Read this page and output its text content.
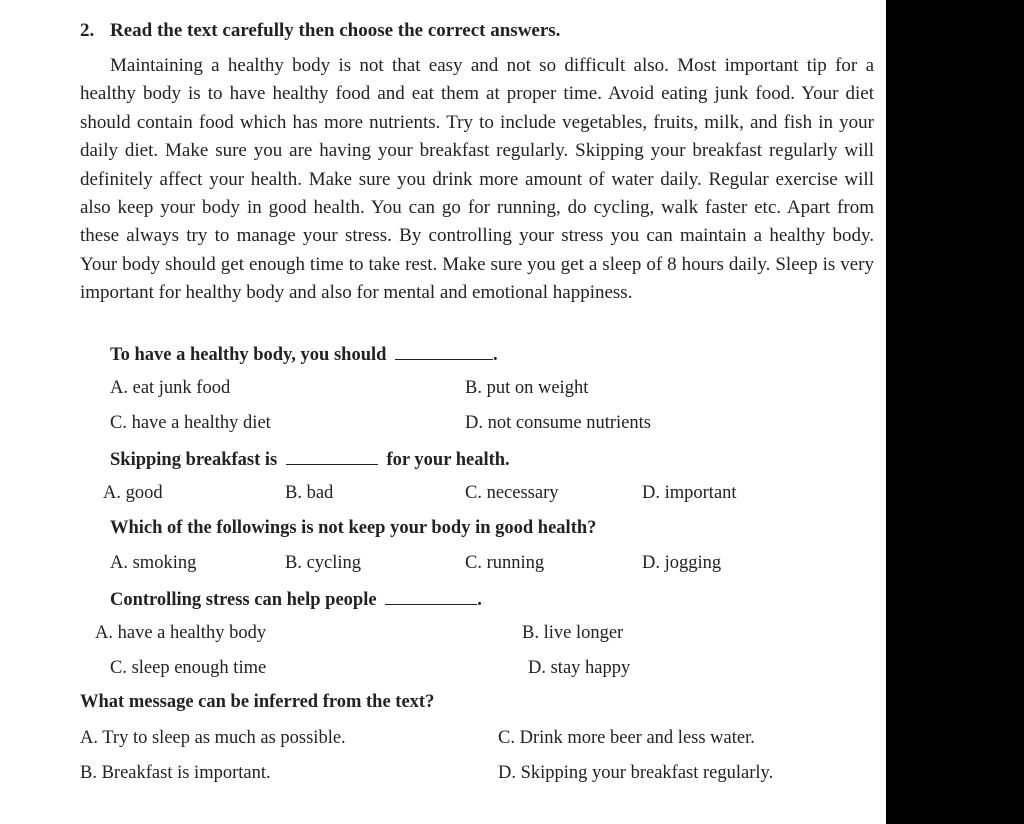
2. Read the text carefully then choose the correct answers.

Maintaining a healthy body is not that easy and not so difficult also. Most important tip for a healthy body is to have healthy food and eat them at proper time. Avoid eating junk food. Your diet should contain food which has more nutrients. Try to include vegetables, fruits, milk, and fish in your daily diet. Make sure you are having your breakfast regularly. Skipping your breakfast regularly will definitely affect your health. Make sure you drink more amount of water daily. Regular exercise will also keep your body in good health. You can go for running, do cycling, walk faster etc. Apart from these always try to manage your stress. By controlling your stress you can maintain a healthy body. Your body should get enough time to take rest. Make sure you get a sleep of 8 hours daily. Sleep is very important for healthy body and also for mental and emotional happiness.

To have a healthy body, you should	.
A. eat junk food	B. put on weight
C. have a healthy diet	D. not consume nutrients
Skipping breakfast is	for your health.
A. good	B. bad	C. necessary	D. important
Which of the followings is not keep your body in good health?
A. smoking	B. cycling	C. running	D. jogging
Controlling stress can help people	.
A. have a healthy body	B. live longer
C. sleep enough time	D. stay happy
What message can be inferred from the text?
A. Try to sleep as much as possible.	C. Drink more beer and less water.
B. Breakfast is important.	D. Skipping your breakfast regularly.
